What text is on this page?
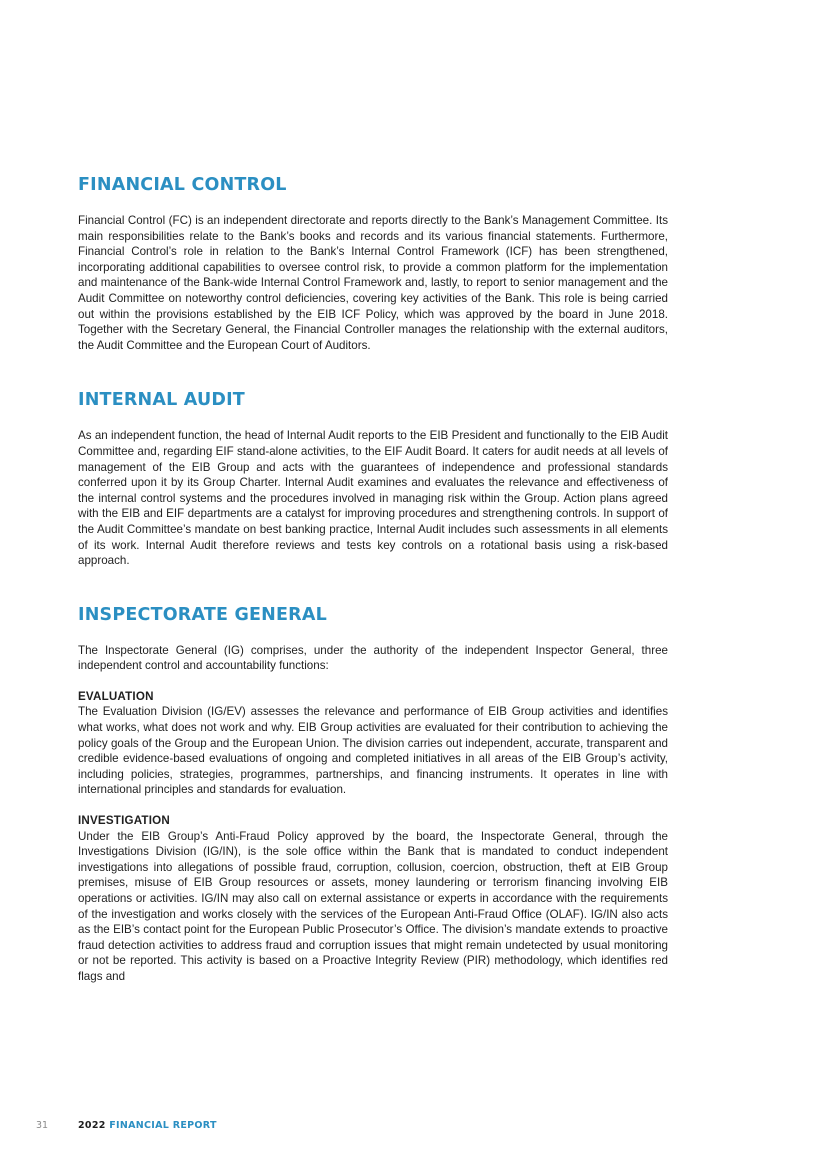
FINANCIAL CONTROL

Financial Control (FC) is an independent directorate and reports directly to the Bank’s Management Committee. Its main responsibilities relate to the Bank’s books and records and its various financial statements. Furthermore, Financial Control’s role in relation to the Bank’s Internal Control Framework (ICF) has been strengthened, incorporating additional capabilities to oversee control risk, to provide a common platform for the implementation and maintenance of the Bank-wide Internal Control Framework and, lastly, to report to senior management and the Audit Committee on noteworthy control deficiencies, covering key activities of the Bank. This role is being carried out within the provisions established by the EIB ICF Policy, which was approved by the board in June 2018. Together with the Secretary General, the Financial Controller manages the relationship with the external auditors, the Audit Committee and the European Court of Auditors.

INTERNAL AUDIT

As an independent function, the head of Internal Audit reports to the EIB President and functionally to the EIB Audit Committee and, regarding EIF stand-alone activities, to the EIF Audit Board. It caters for audit needs at all levels of management of the EIB Group and acts with the guarantees of independence and professional standards conferred upon it by its Group Charter. Internal Audit examines and evaluates the relevance and effectiveness of the internal control systems and the procedures involved in managing risk within the Group. Action plans agreed with the EIB and EIF departments are a catalyst for improving procedures and strengthening controls. In support of the Audit Committee’s mandate on best banking practice, Internal Audit includes such assessments in all elements of its work. Internal Audit therefore reviews and tests key controls on a rotational basis using a risk-based approach.

INSPECTORATE GENERAL

The Inspectorate General (IG) comprises, under the authority of the independent Inspector General, three independent control and accountability functions:

EVALUATION

The Evaluation Division (IG/EV) assesses the relevance and performance of EIB Group activities and identifies what works, what does not work and why. EIB Group activities are evaluated for their contribution to achieving the policy goals of the Group and the European Union. The division carries out independent, accurate, transparent and credible evidence-based evaluations of ongoing and completed initiatives in all areas of the EIB Group’s activity, including policies, strategies, programmes, partnerships, and financing instruments. It operates in line with international principles and standards for evaluation.

INVESTIGATION

Under the EIB Group’s Anti-Fraud Policy approved by the board, the Inspectorate General, through the Investigations Division (IG/IN), is the sole office within the Bank that is mandated to conduct independent investigations into allegations of possible fraud, corruption, collusion, coercion, obstruction, theft at EIB Group premises, misuse of EIB Group resources or assets, money laundering or terrorism financing involving EIB operations or activities. IG/IN may also call on external assistance or experts in accordance with the requirements of the investigation and works closely with the services of the European Anti-Fraud Office (OLAF). IG/IN also acts as the EIB’s contact point for the European Public Prosecutor’s Office. The division’s mandate extends to proactive fraud detection activities to address fraud and corruption issues that might remain undetected by usual monitoring or not be reported. This activity is based on a Proactive Integrity Review (PIR) methodology, which identifies red flags and

31	2022 FINANCIAL REPORT
